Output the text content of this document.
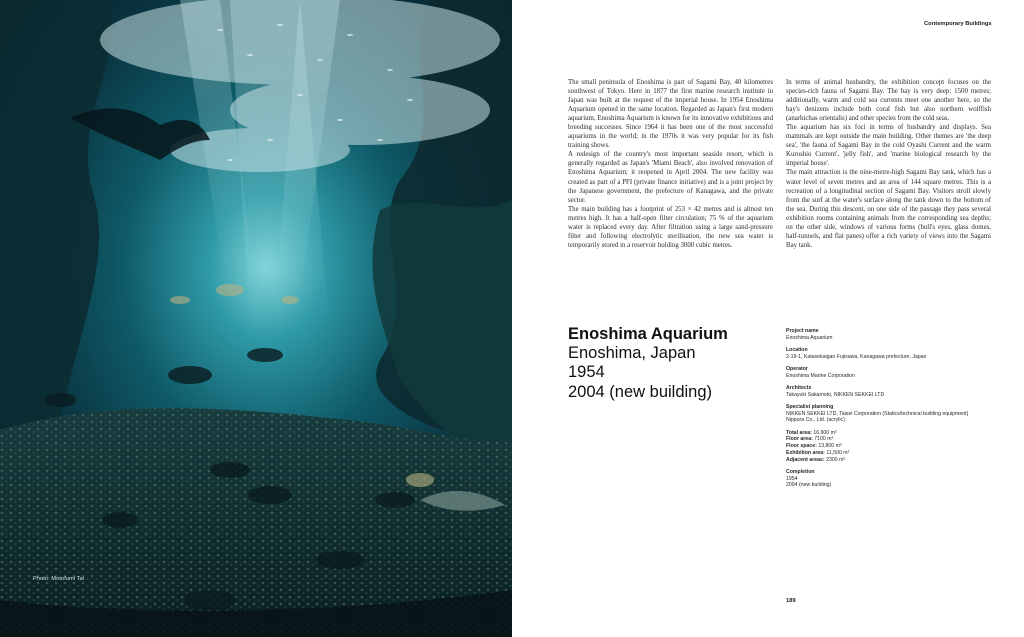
Photo: Motofumi Tai
Contemporary Buildings

The small peninsula of Enoshima is part of Sagami Bay, 40 kilometres southwest of Tokyo. Here in 1877 the first marine research institute in Japan was built at the request of the imperial house. In 1954 Enoshima Aquarium opened in the same location. Regarded as Japan's first modern aquarium, Enoshima Aquarium is known for its innovative exhibitions and breeding successes. Since 1964 it has been one of the most successful aquariums in the world; in the 1970s it was very popular for its fish training shows.

A redesign of the country's most important seaside resort, which is generally regarded as Japan's 'Miami Beach', also involved renovation of Enoshima Aquarium; it reopened in April 2004. The new facility was created as part of a PFI (private finance initiative) and is a joint project by the Japanese government, the prefecture of Kanagawa, and the private sector.

The main building has a footprint of 253 × 42 metres and is almost ten metres high. It has a half-open filter circulation; 75 % of the aquarium water is replaced every day. After filtration using a large sand-pressure filter and following electrolytic sterilisation, the new sea water is temporarily stored in a reservoir holding 3000 cubic metres.

In terms of animal husbandry, the exhibition concept focuses on the species-rich fauna of Sagami Bay. The bay is very deep: 1500 metres; additionally, warm and cold sea currents meet one another here, so the bay's denizens include both coral fish but also northern wolffish (anarhichas orientalis) and other species from the cold seas.

The aquarium has six foci in terms of husbandry and displays. Sea mammals are kept outside the main building. Other themes are 'the deep sea', 'the fauna of Sagami Bay in the cold Oyashi Current and the warm Kuroshio Current', 'jelly fish', and 'marine biological research by the imperial house'.

The main attraction is the nine-metre-high Sagami Bay tank, which has a water level of seven metres and an area of 144 square metres. This is a recreation of a longitudinal section of Sagami Bay. Visitors stroll slowly from the surf at the water's surface along the tank down to the bottom of the sea. During this descent, on one side of the passage they pass several exhibition rooms containing animals from the corresponding sea depths; on the other side, windows of various forms (bull's eyes, glass domes, half-tunnels, and flat panes) offer a rich variety of views into the Sagami Bay tank.

Enoshima Aquarium
Enoshima, Japan
1954
2004 (new building)
Project name
Enoshima Aquarium
Location
2-19-1, Katasekaigan Fujisawa, Kanagawa prefecture, Japan
Operator
Enoshima Marine Corporation
Architects
Takayuki Sakamoto, NIKKEN SEKKEI LTD
Specialist planning
NIKKEN SEKKEI LTD, Taisei Corporation (Statics/technical building equipment)
Nippura Co., Ltd. (acrylic)
Total area: 16,900 m²
Floor area: 7100 m²
Floor space: 13,800 m²
Exhibition area: 11,500 m²
Adjacent areas: 2300 m²
Completion
1954
2004 (new building)
189
